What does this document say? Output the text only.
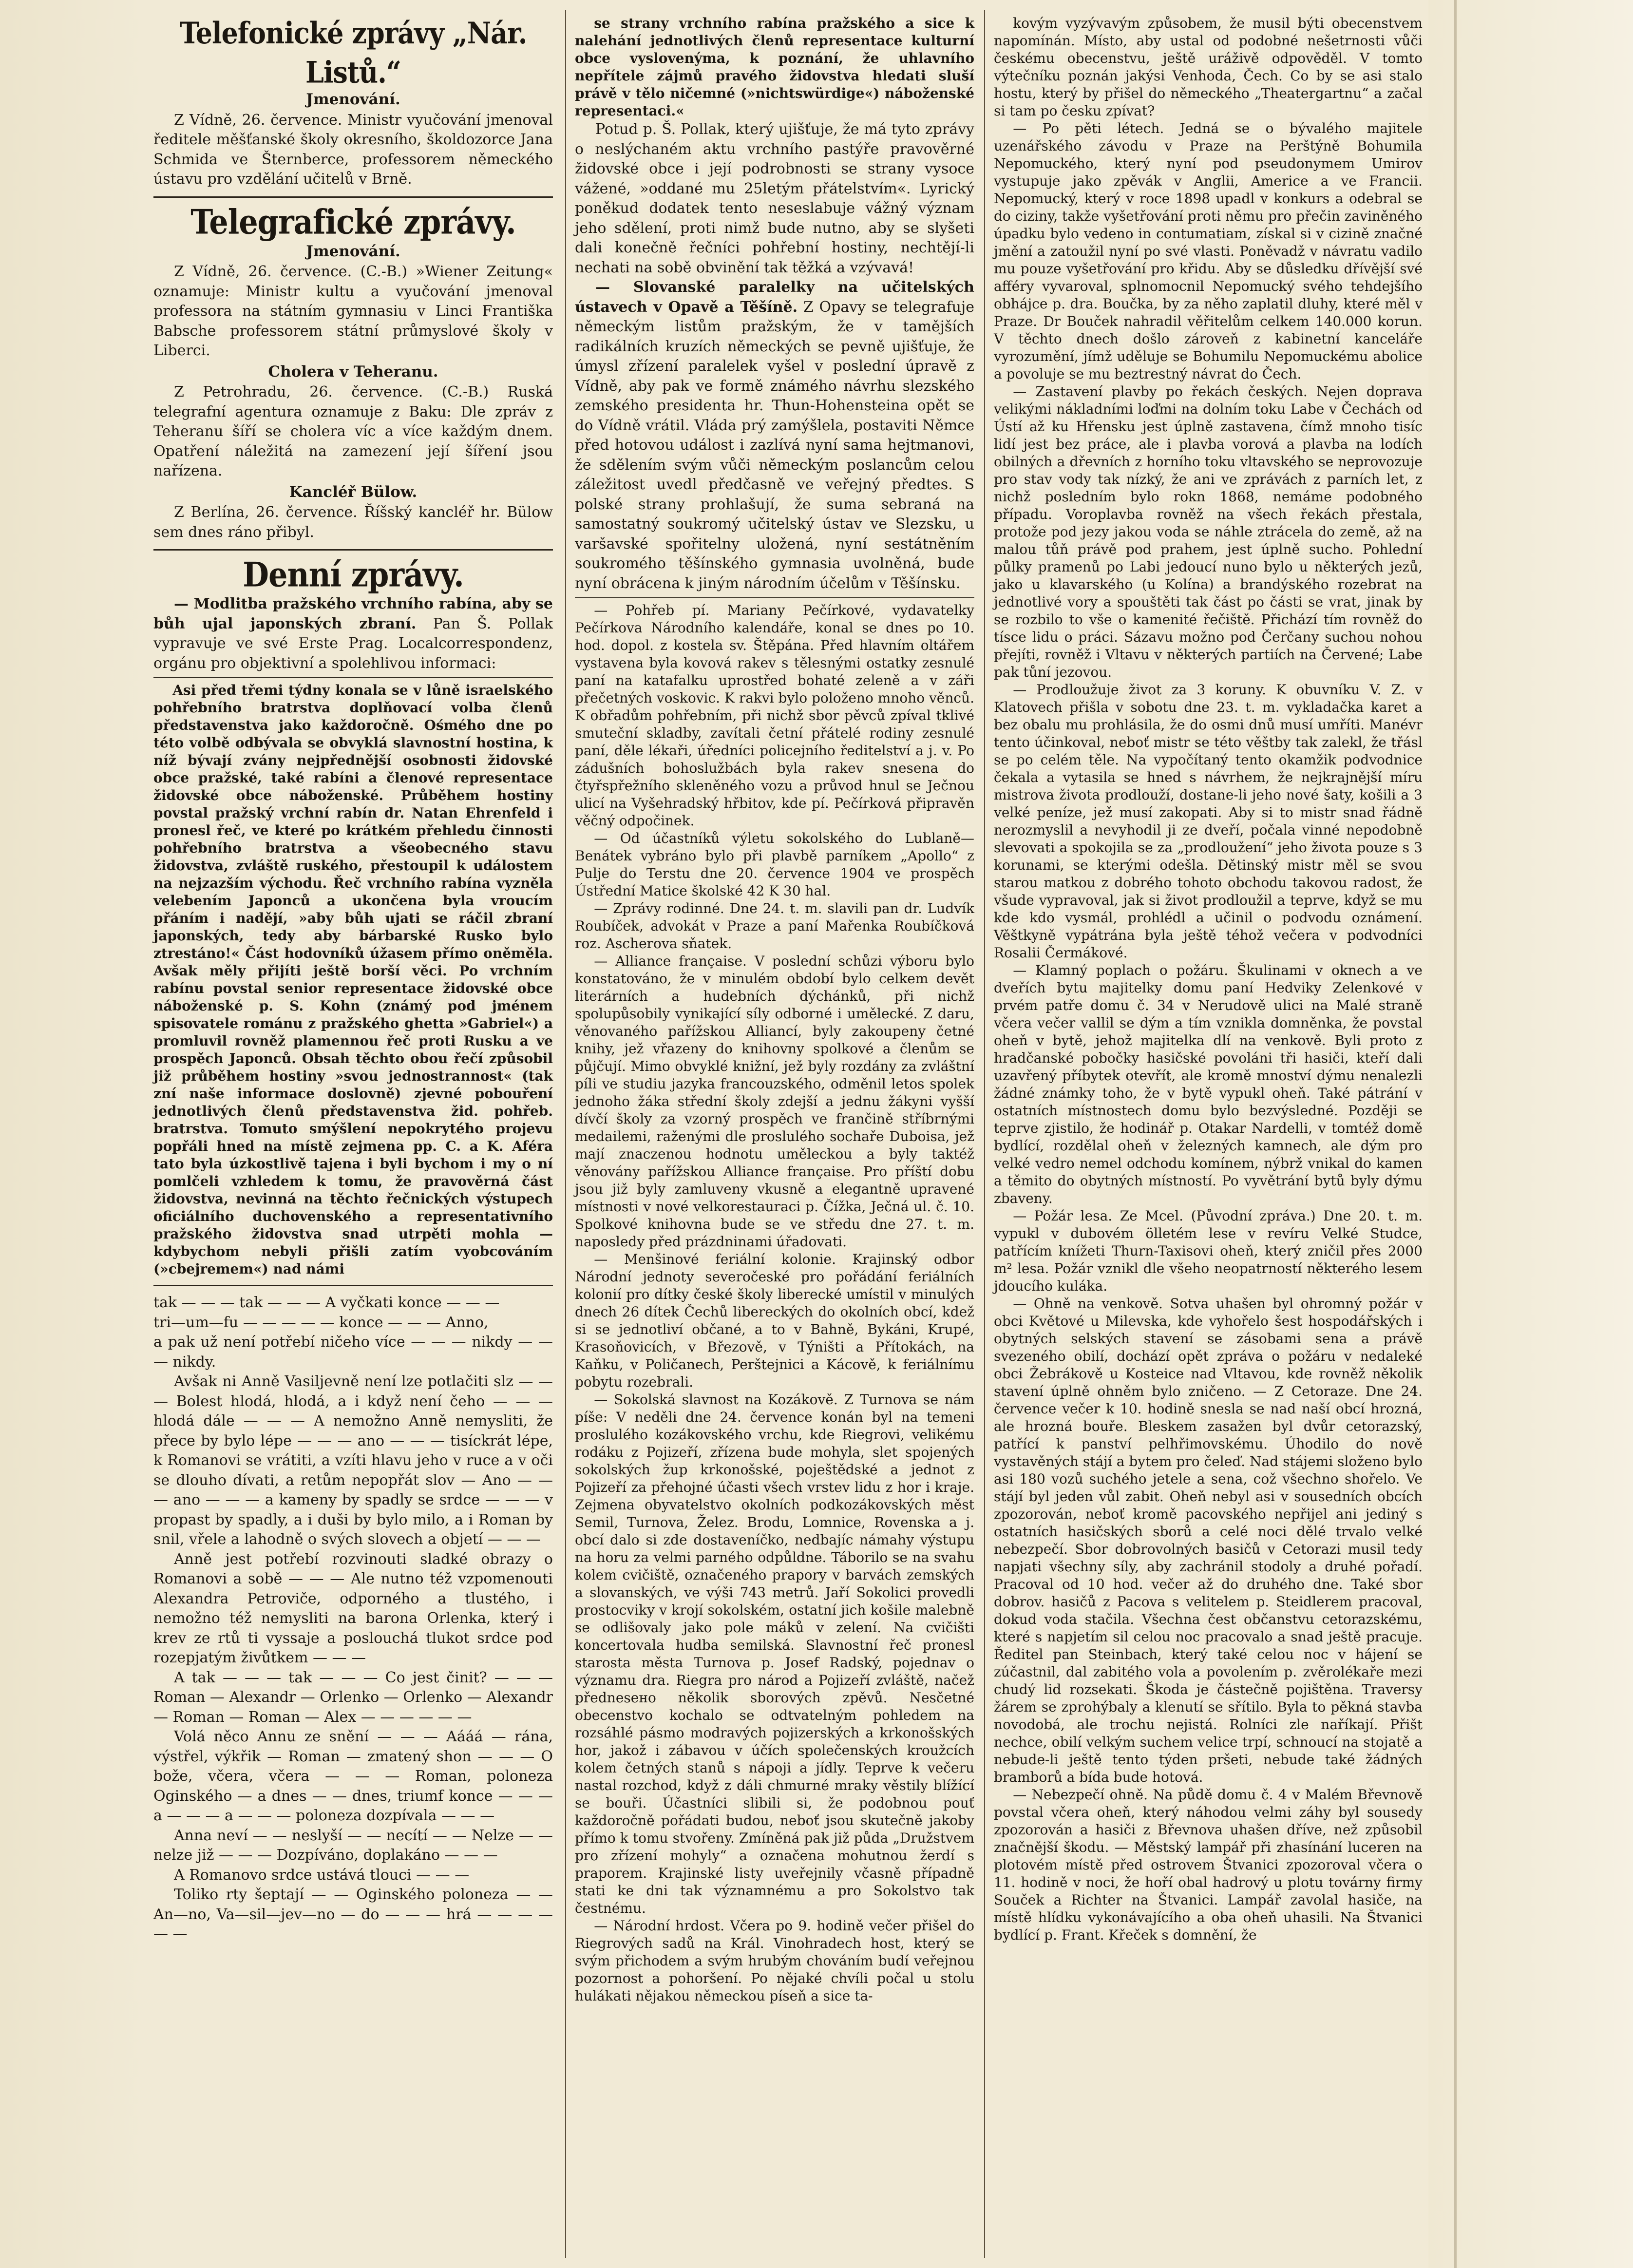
Telefonické zprávy „Nár. Listů.“
Jmenování.

Z Vídně, 26. července. Ministr vyučování jmenoval ředitele měšťanské školy okresního, školdozorce Jana Schmida ve Šternberce, professorem německého ústavu pro vzdělání učitelů v Brně.

Telegrafické zprávy.
Jmenování.

Z Vídně, 26. července. (C.-B.) »Wiener Zeitung« oznamuje: Ministr kultu a vyučování jmenoval professora na státním gymnasiu v Linci Františka Babsche professorem státní průmyslové školy v Liberci.

Cholera v Teheranu.

Z Petrohradu, 26. července. (C.-B.) Ruská telegrafní agentura oznamuje z Baku: Dle zpráv z Teheranu šíří se cholera víc a více každým dnem. Opatření náležitá na zamezení její šíření jsou nařízena.

Kancléř Bülow.

Z Berlína, 26. července. Říšský kancléř hr. Bülow sem dnes ráno přibyl.

Denní zprávy.

— Modlitba pražského vrchního rabína, aby se bůh ujal japonských zbraní. Pan Š. Pollak vypravuje ve své Erste Prag. Localcorrespondenz, orgánu pro objektivní a spolehlivou informaci:

Asi před třemi týdny konala se v lůně israelského pohřebního bratrstva doplňovací volba členů představenstva jako každoročně. Ośmého dne po této volbě odbývala se obvyklá slavnostní hostina, k níž bývají zvány nejpřednější osobnosti židovské obce pražské, také rabíni a členové representace židovské obce náboženské. Průběhem hostiny povstal pražský vrchní rabín dr. Natan Ehrenfeld i pronesl řeč, ve které po krátkém přehledu činnosti pohřebního bratrstva a všeobecného stavu židovstva, zvláště ruského, přestoupil k událostem na nejzazším východu. Řeč vrchního rabína vyzněla velebením Japonců a ukončena byla vroucím přáním i nadějí, »aby bůh ujati se ráčil zbraní japonských, tedy aby bárbarské Rusko bylo ztrestáno!« Část hodovníků úžasem přímo oněměla. Avšak měly přijíti ještě borší věci. Po vrchním rabínu povstal senior representace židovské obce náboženské p. S. Kohn (známý pod jménem spisovatele románu z pražského ghetta »Gabriel«) a promluvil rovněž plamennou řeč proti Rusku a ve prospěch Japonců. Obsah těchto obou řečí způsobil již průběhem hostiny »svou jednostrannost« (tak zní naše informace doslovně) zjevné pobouření jednotlivých členů představenstva žid. pohřeb. bratrstva. Tomuto smýšlení nepokrytého projevu popřáli hned na místě zejmena pp. C. a K. Aféra tato byla úzkostlivě tajena i byli bychom i my o ní pomlčeli vzhledem k tomu, že pravověrná část židovstva, nevinná na těchto řečnických výstupech oficiálního duchovenského a representativního pražského židovstva snad utrpěti mohla — kdybychom nebyli přišli zatím vyobcováním (»cbejremem«) nad námi

tak — — — tak — — — A vyčkati konce — — —

tri—um—fu — — — — — konce — — — Anno,

a pak už není potřebí ničeho více — — — nikdy — — — nikdy.

Avšak ni Anně Vasiljevně není lze potlačiti slz — — — Bolest hlodá, hlodá, a i když není čeho — — — hlodá dále — — — A nemožno Anně nemysliti, že přece by bylo lépe — — — ano — — — tisíckrát lépe, k Romanovi se vrátiti, a vzíti hlavu jeho v ruce a v oči se dlouho dívati, a retům nepopřát slov — Ano — — — ano — — — a kameny by spadly se srdce — — — v propast by spadly, a i duši by bylo milo, a i Roman by snil, vřele a lahodně o svých slovech a objetí — — —

Anně jest potřebí rozvinouti sladké obrazy o Romanovi a sobě — — — Ale nutno též vzpomenouti Alexandra Petroviče, odporného a tlustého, i nemožno též nemysliti na barona Orlenka, který i krev ze rtů ti vyssaje a poslouchá tlukot srdce pod rozepjatým živůtkem — — —

A tak — — — tak — — — Co jest činit? — — — Roman — Alexandr — Orlenko — Orlenko — Alexandr — Roman — Roman — Alex — — — — — —

Volá něco Annu ze snění — — — Aááá — rána, výstřel, výkřik — Roman — zmatený shon — — — O bože, včera, včera — — — Roman, poloneza Oginského — a dnes — — dnes, triumf konce — — — a — — — a — — — poloneza dozpívala — — —

Anna neví — — neslyší — — necítí — — Nelze — — nelze již — — — Dozpíváno, doplakáno — — —

A Romanovo srdce ustává tlouci — — —

Toliko rty šeptají — — Oginského poloneza — — An—no, Va—sil—jev—no — do — — — hrá — — — — — —

se strany vrchního rabína pražského a sice k nalehání jednotlivých členů representace kulturní obce vyslovenýma, k poznání, že uhlavního nepřítele zájmů pravého židovstva hledati sluší právě v tělo ničemné (»nichtswürdige«) náboženské representaci.«

Potud p. Š. Pollak, který ujišťuje, že má tyto zprávy o neslýchaném aktu vrchního pastýře pravověrné židovské obce i její podrobnosti se strany vysoce vážené, »oddané mu 25letým přátelstvím«. Lyrický poněkud dodatek tento neseslabuje vážný význam jeho sdělení, proti nimž bude nutno, aby se slyšeti dali konečně řečníci pohřební hostiny, nechtějí-li nechati na sobě obvinění tak těžká a vzývavá!

— Slovanské paralelky na učitelských ústavech v Opavě a Těšíně. Z Opavy se telegrafuje německým listům pražským, že v tamějších radikálních kruzích německých se pevně ujišťuje, že úmysl zřízení paralelek vyšel v poslední úpravě z Vídně, aby pak ve formě známého návrhu slezského zemského presidenta hr. Thun-Hohensteina opět se do Vídně vrátil. Vláda prý zamýšlela, postaviti Němce před hotovou událost i zazlívá nyní sama hejtmanovi, že sdělením svým vůči německým poslancům celou záležitost uvedl předčasně ve veřejný předtes. S polské strany prohlašují, že suma sebraná na samostatný soukromý učitelský ústav ve Slezsku, u varšavské spořitelny uložená, nyní sestátněním soukromého těšínského gymnasia uvolněná, bude nyní obrácena k jiným národním účelům v Těšínsku.

— Pohřeb pí. Mariany Pečírkové, vydavatelky Pečírkova Národního kalendáře, konal se dnes po 10. hod. dopol. z kostela sv. Štěpána. Před hlavním oltářem vystavena byla kovová rakev s tělesnými ostatky zesnulé paní na katafalku uprostřed bohaté zeleně a v záři přečetných voskovic. K rakvi bylo položeno mnoho věnců. K obřadům pohřebním, při nichž sbor pěvců zpíval tklivé smuteční skladby, zavítali četní přátelé rodiny zesnulé paní, děle lékaři, úředníci policejního ředitelství a j. v. Po zádušních bohoslužbách byla rakev snesena do čtyřspřežního skleněného vozu a průvod hnul se Ječnou ulicí na Vyšehradský hřbitov, kde pí. Pečírková připravěn věčný odpočinek.

— Od účastníků výletu sokolského do Lublaně—Benátek vybráno bylo při plavbě parníkem „Apollo“ z Pulje do Terstu dne 20. července 1904 ve prospěch Ústřední Matice školské 42 K 30 hal.

— Zprávy rodinné. Dne 24. t. m. slavili pan dr. Ludvík Roubíček, advokát v Praze a paní Mařenka Roubíčková roz. Ascherova sňatek.

— Alliance française. V poslední schůzi výboru bylo konstatováno, že v minulém období bylo celkem devět literárních a hudebních dýchánků, při nichž spolupůsobily vynikající síly odborné i umělecké. Z daru, věnovaného pařížskou Alliancí, byly zakoupeny četné knihy, jež vřazeny do knihovny spolkové a členům se půjčují. Mimo obvyklé knižní, jež byly rozdány za zvláštní píli ve studiu jazyka francouzského, odměnil letos spolek jednoho žáka střední školy zdejší a jednu žákyni vyšší dívčí školy za vzorný prospěch ve frančině stříbrnými medailemi, raženými dle proslulého sochaře Duboisa, jež mají znaczenou hodnotu uměleckou a byly taktéž věnovány pařížskou Alliance française. Pro příští dobu jsou již byly zamluveny vkusně a elegantně upravené místnosti v nové velkorestauraci p. Čížka, Ječná ul. č. 10. Spolkové knihovna bude se ve středu dne 27. t. m. naposledy před prázdninami úřadovati.

— Menšinové feriální kolonie. Krajinský odbor Národní jednoty severočeské pro pořádání feriálních kolonií pro dítky české školy liberecké umístil v minulých dnech 26 dítek Čechů libereckých do okolních obcí, kdež si se jednotliví občané, a to v Bahně, Bykáni, Krupé, Krasoňovicích, v Březově, v Týništi a Přítokách, na Kaňku, v Poličanech, Perštejnici a Kácově, k feriálnímu pobytu rozebrali.

— Sokolská slavnost na Kozákově. Z Turnova se nám píše: V neděli dne 24. července konán byl na temeni proslulého kozákovského vrchu, kde Riegrovi, velikému rodáku z Pojizeří, zřízena bude mohyla, slet spojených sokolských žup krkonošské, poještědské a jednot z Pojizeří za přehojné účasti všech vrstev lidu z hor i kraje. Zejmena obyvatelstvo okolních podkozákovských měst Semil, Turnova, Želez. Brodu, Lomnice, Rovenska a j. obcí dalo si zde dostaveníčko, nedbajíc námahy výstupu na horu za velmi parného odpůldne. Táborilo se na svahu kolem cvičiště, označeného prapory v barvách zemských a slovanských, ve výši 743 metrů. Jaří Sokolici provedli prostocviky v krojí sokolském, ostatní jich košile malebně se odlišovaly jako pole máků v zelení. Na cvičišti koncertovala hudba semilská. Slavnostní řeč pronesl starosta města Turnova p. Josef Radský, pojednav o významu dra. Riegra pro národ a Pojizeří zvláště, načež přednesено několik sborových zpěvů. Nesčetné obecenstvo kochalo se odtvatelným pohledem na rozsáhlé pásmo modravých pojizerských a krkonošských hor, jakož i zábavou v účích společenských kroužcích kolem četných stanů s nápoji a jídly. Teprve k večeru nastal rozchod, když z dáli chmurné mraky věstily blížící se bouři. Účastníci slibili si, že podobnou pouť každoročně pořádati budou, neboť jsou skutečně jakoby přímo k tomu stvořeny. Zmíněná pak již půda „Družstvem pro zřízení mohyly“ a označena mohutnou žerdí s praporem. Krajinské listy uveřejnily včasně případně stati ke dni tak významnému a pro Sokolstvo tak čestnému.

— Národní hrdost. Včera po 9. hodině večer přišel do Riegrových sadů na Král. Vinohradech host, který se svým přichodem a svým hrubým chováním budí veřejnou pozornost a pohoršení. Po nějaké chvíli počal u stolu hulákati nějakou německou píseň a sice ta-

kovým vyzývavým způsobem, že musil býti obecenstvem napomínán. Místo, aby ustal od podobné nešetrnosti vůči českému obecenstvu, ještě uráživě odpověděl. V tomto výtečníku poznán jakýsi Venhoda, Čech. Co by se asi stalo hostu, který by přišel do německého „Theatergartnu“ a začal si tam po česku zpívat?

— Po pěti létech. Jedná se o bývalého majitele uzenářského závodu v Praze na Perštýně Bohumila Nepomuckého, který nyní pod pseudonymem Umirov vystupuje jako zpěvák v Anglii, Americe a ve Francii. Nepomucký, který v roce 1898 upadl v konkurs a odebral se do ciziny, takže vyšetřování proti němu pro přečin zaviněného úpadku bylo vedeno in contumatiam, získal si v cizině značné jmění a zatoužil nyní po své vlasti. Poněvadž v návratu vadilo mu pouze vyšetřování pro křidu. Aby se důsledku dřívější své afféry vyvaroval, splnomocnil Nepomucký svého tehdejšího obhájce p. dra. Boučka, by za něho zaplatil dluhy, které měl v Praze. Dr Bouček nahradil věřitelům celkem 140.000 korun. V těchto dnech došlo zároveň z kabinetní kanceláře vyrozumění, jímž uděluje se Bohumilu Nepomuckému abolice a povoluje se mu beztrestný návrat do Čech.

— Zastavení plavby po řekách českých. Nejen doprava velikými nákladními loďmi na dolním toku Labe v Čechách od Ústí až ku Hřensku jest úplně zastavena, čímž mnoho tisíc lidí jest bez práce, ale i plavba vorová a plavba na lodích obilných a dřevních z horního toku vltavského se neprovozuje pro stav vody tak nízký, že ani ve zprávách z parních let, z nichž posledním bylo rokn 1868, nemáme podobného případu. Voroplavba rovněž na všech řekách přestala, protože pod jezy jakou voda se náhle ztrácela do země, až na malou tůň právě pod prahem, jest úplně sucho. Pohlední půlky pramenů po Labi jedoucí nuno bylo u některých jezů, jako u klavarského (u Kolína) a brandýského rozebrat na jednotlivé vory a spouštěti tak část po části se vrat, jinak by se rozbilo to vše o kamenité řečiště. Přichází tím rovněž do tísce lidu o práci. Sázavu možno pod Čerčany suchou nohou přejíti, rovněž i Vltavu v některých partiích na Červené; Labe pak tůní jezovou.

— Prodloužuje život za 3 koruny. K obuvníku V. Z. v Klatovech přišla v sobotu dne 23. t. m. vykladačka karet a bez obalu mu prohlásila, že do osmi dnů musí umříti. Manévr tento účinkoval, neboť mistr se této věštby tak zalekl, že třásl se po celém těle. Na vypočítaný tento okamžik podvodnice čekala a vytasila se hned s návrhem, že nejkrajnější míru mistrova života prodlouží, dostane-li jeho nové šaty, košili a 3 velké peníze, jež musí zakopati. Aby si to mistr snad řádně nerozmyslil a nevyhodil ji ze dveří, počala vinné nepodobně slevovati a spokojila se za „prodloužení“ jeho života pouze s 3 korunami, se kterými odešla. Dětinský mistr měl se svou starou matkou z dobrého tohoto obchodu takovou radost, že všude vypravoval, jak si život prodloužil a teprve, když se mu kde kdo vysmál, prohlédl a učinil o podvodu oznámení. Věštkyně vypátrána byla ještě téhož večera v podvodníci Rosalii Čermákové.

— Klamný poplach o požáru. Škulinami v oknech a ve dveřích bytu majitelky domu paní Hedviky Zelenkové v prvém patře domu č. 34 v Nerudově ulici na Malé straně včera večer vallil se dým a tím vznikla domněnka, že povstal oheň v bytě, jehož majitelka dlí na venkově. Byli proto z hradčanské pobočky hasičské povoláni tři hasiči, kteří dali uzavřený příbytek otevřít, ale kromě mnoství dýmu nenalezli žádné známky toho, že v bytě vypukl oheň. Také pátrání v ostatních místnostech domu bylo bezvýsledné. Později se teprve zjistilo, že hodinář p. Otakar Nardelli, v tomtéž domě bydlící, rozdělal oheň v železných kamnech, ale dým pro velké vedro nemel odchodu komínem, nýbrž vnikal do kamen a těmito do obytných místností. Po vyvětrání bytů byly dýmu zbaveny.

— Požár lesa. Ze Mcel. (Původní zpráva.) Dne 20. t. m. vypukl v dubovém ölletém lese v revíru Velké Studce, patřícím knížeti Thurn-Taxisovi oheň, který zničil přes 2000 m² lesa. Požár vznikl dle všeho neopatrností některého lesem jdoucího kuláka.

— Ohně na venkově. Sotva uhašen byl ohromný požár v obci Květové u Milevska, kde vyhořelo šest hospodářských i obytných selských stavení se zásobami sena a právě svezeného obilí, dochází opět zpráva o požáru v nedaleké obci Žebrákově u Kosteice nad Vltavou, kde rovněž několik stavení úplně ohněm bylo zničeno. — Z Cetoraze. Dne 24. července večer k 10. hodině snesla se nad naší obcí hrozná, ale hrozná bouře. Bleskem zasažen byl dvůr cetorazský, patřící k panství pelhřimovskému. Úhodilo do nově vystavěných stájí a bytem pro čeleď. Nad stájemi složeno bylo asi 180 vozů suchého jetele a sena, což všechno shořelo. Ve stájí byl jeden vůl zabit. Oheň nebyl asi v sousedních obcích zpozorován, neboť kromě pacovského nepřijel ani jediný s ostatních hasičských sborů a celé noci dělé trvalo velké nebezpečí. Sbor dobrovolných basičů v Cetorazi musil tedy napjati všechny síly, aby zachránil stodoly a druhé pořadí. Pracoval od 10 hod. večer až do druhého dne. Také sbor dobrov. hasičů z Pacova s velitelem p. Steidlerem pracoval, dokud voda stačila. Všechna čest občanstvu cetorazskému, které s napjetím sil celou noc pracovalo a snad ještě pracuje. Ředitel pan Steinbach, který také celou noc v hájení se zúčastnil, dal zabitého vola a povolením p. zvěrolékaře mezi chudý lid rozsekati. Škoda je částečně pojištěna. Traversy žárem se zprohýbaly a klenutí se sřítilo. Byla to pěkná stavba novodobá, ale trochu nejistá. Rolníci zle naříkají. Přišt nechce, obilí velkým suchem velice trpí, schnoucí na stojatě a nebude-li ještě tento týden pršeti, nebude také žádných bramborů a bída bude hotová.

— Nebezpečí ohně. Na půdě domu č. 4 v Malém Břevnově povstal včera oheň, který náhodou velmi záhy byl sousedy zpozorován a hasiči z Břevnova uhašen dříve, než způsobil značnější škodu. — Městský lampář při zhasínání luceren na plotovém místě před ostrovem Štvanici zpozoroval včera o 11. hodině v noci, že hoří obal hadrový u plotu továrny firmy Souček a Richter na Štvanici. Lampář zavolal hasiče, na místě hlídku vykonávajícího a oba oheň uhasili. Na Štvanici bydlící p. Frant. Křeček s domnění, že
